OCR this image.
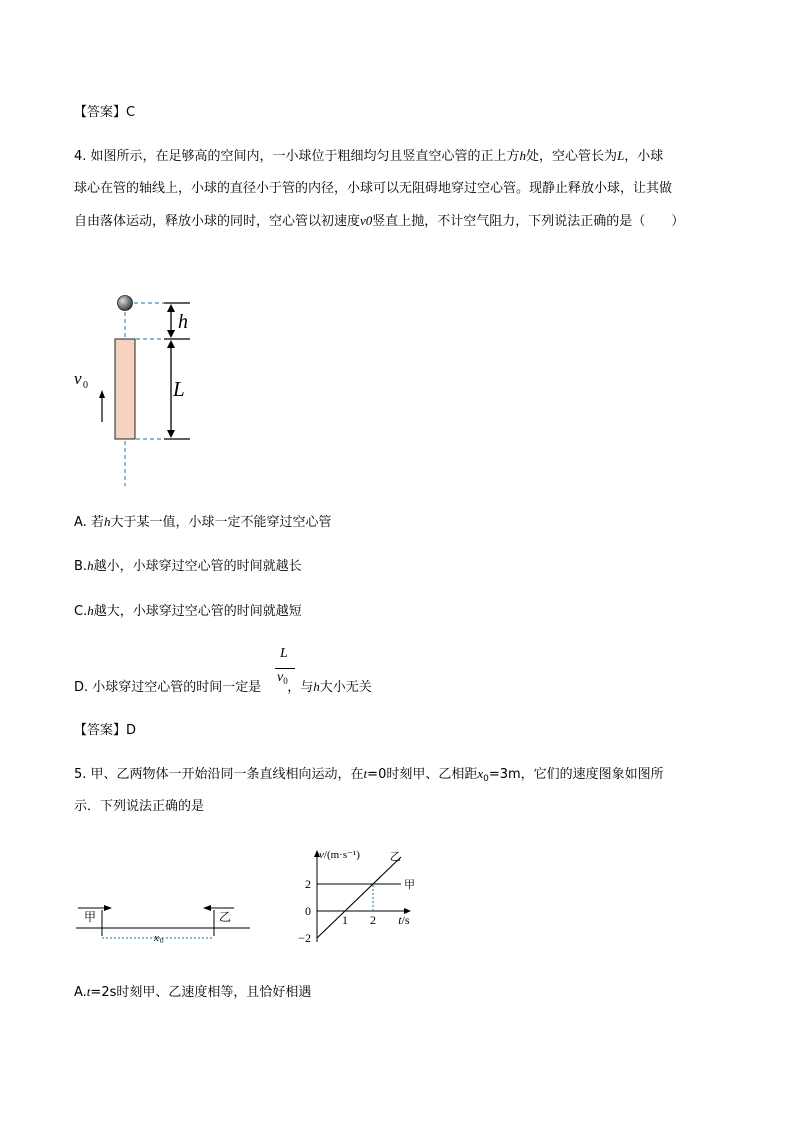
【答案】C
4. 如图所示，在足够高的空间内，一小球位于粗细均匀且竖直空心管的正上方h处，空心管长为L，小球
球心在管的轴线上，小球的直径小于管的内径，小球可以无阻碍地穿过空心管。现静止释放小球，让其做
自由落体运动，释放小球的同时，空心管以初速度v0竖直上抛，不计空气阻力，下列说法正确的是（　　）
h
L
v 0
A. 若h大于某一值，小球一定不能穿过空心管
B.h越小，小球穿过空心管的时间就越长
C.h越大，小球穿过空心管的时间就越短
L
$v_0$
D. 小球穿过空心管的时间一定是 ，与h大小无关
【答案】D
5. 甲、乙两物体一开始沿同一条直线相向运动，在t=0时刻甲、乙相距$x_0=3m$，它们的速度图象如图所
示．下列说法正确的是
甲	乙
x 0
2
0
−2
1 2
v/(m·s⁻¹)
t/s
甲
乙
A.t=2s时刻甲、乙速度相等，且恰好相遇
